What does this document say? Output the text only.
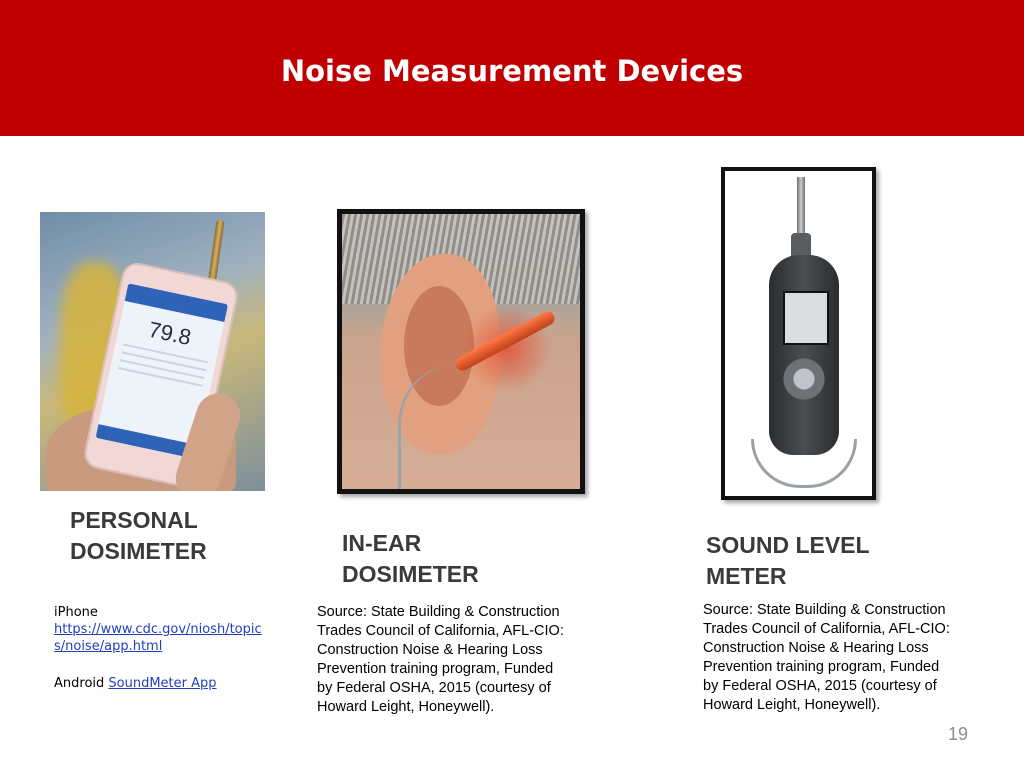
Noise Measurement Devices
79.8
PERSONAL
DOSIMETER	IN-EAR
DOSIMETER
SOUND LEVEL
METER
iPhone
https://www.cdc.gov/niosh/topics/noise/app.html
Android SoundMeter App
Source: State Building & Construction Trades Council of California, AFL-CIO: Construction Noise & Hearing Loss Prevention training program, Funded by Federal OSHA, 2015 (courtesy of Howard Leight, Honeywell).
Source: State Building & Construction Trades Council of California, AFL-CIO: Construction Noise & Hearing Loss Prevention training program, Funded by Federal OSHA, 2015 (courtesy of Howard Leight, Honeywell).
19
